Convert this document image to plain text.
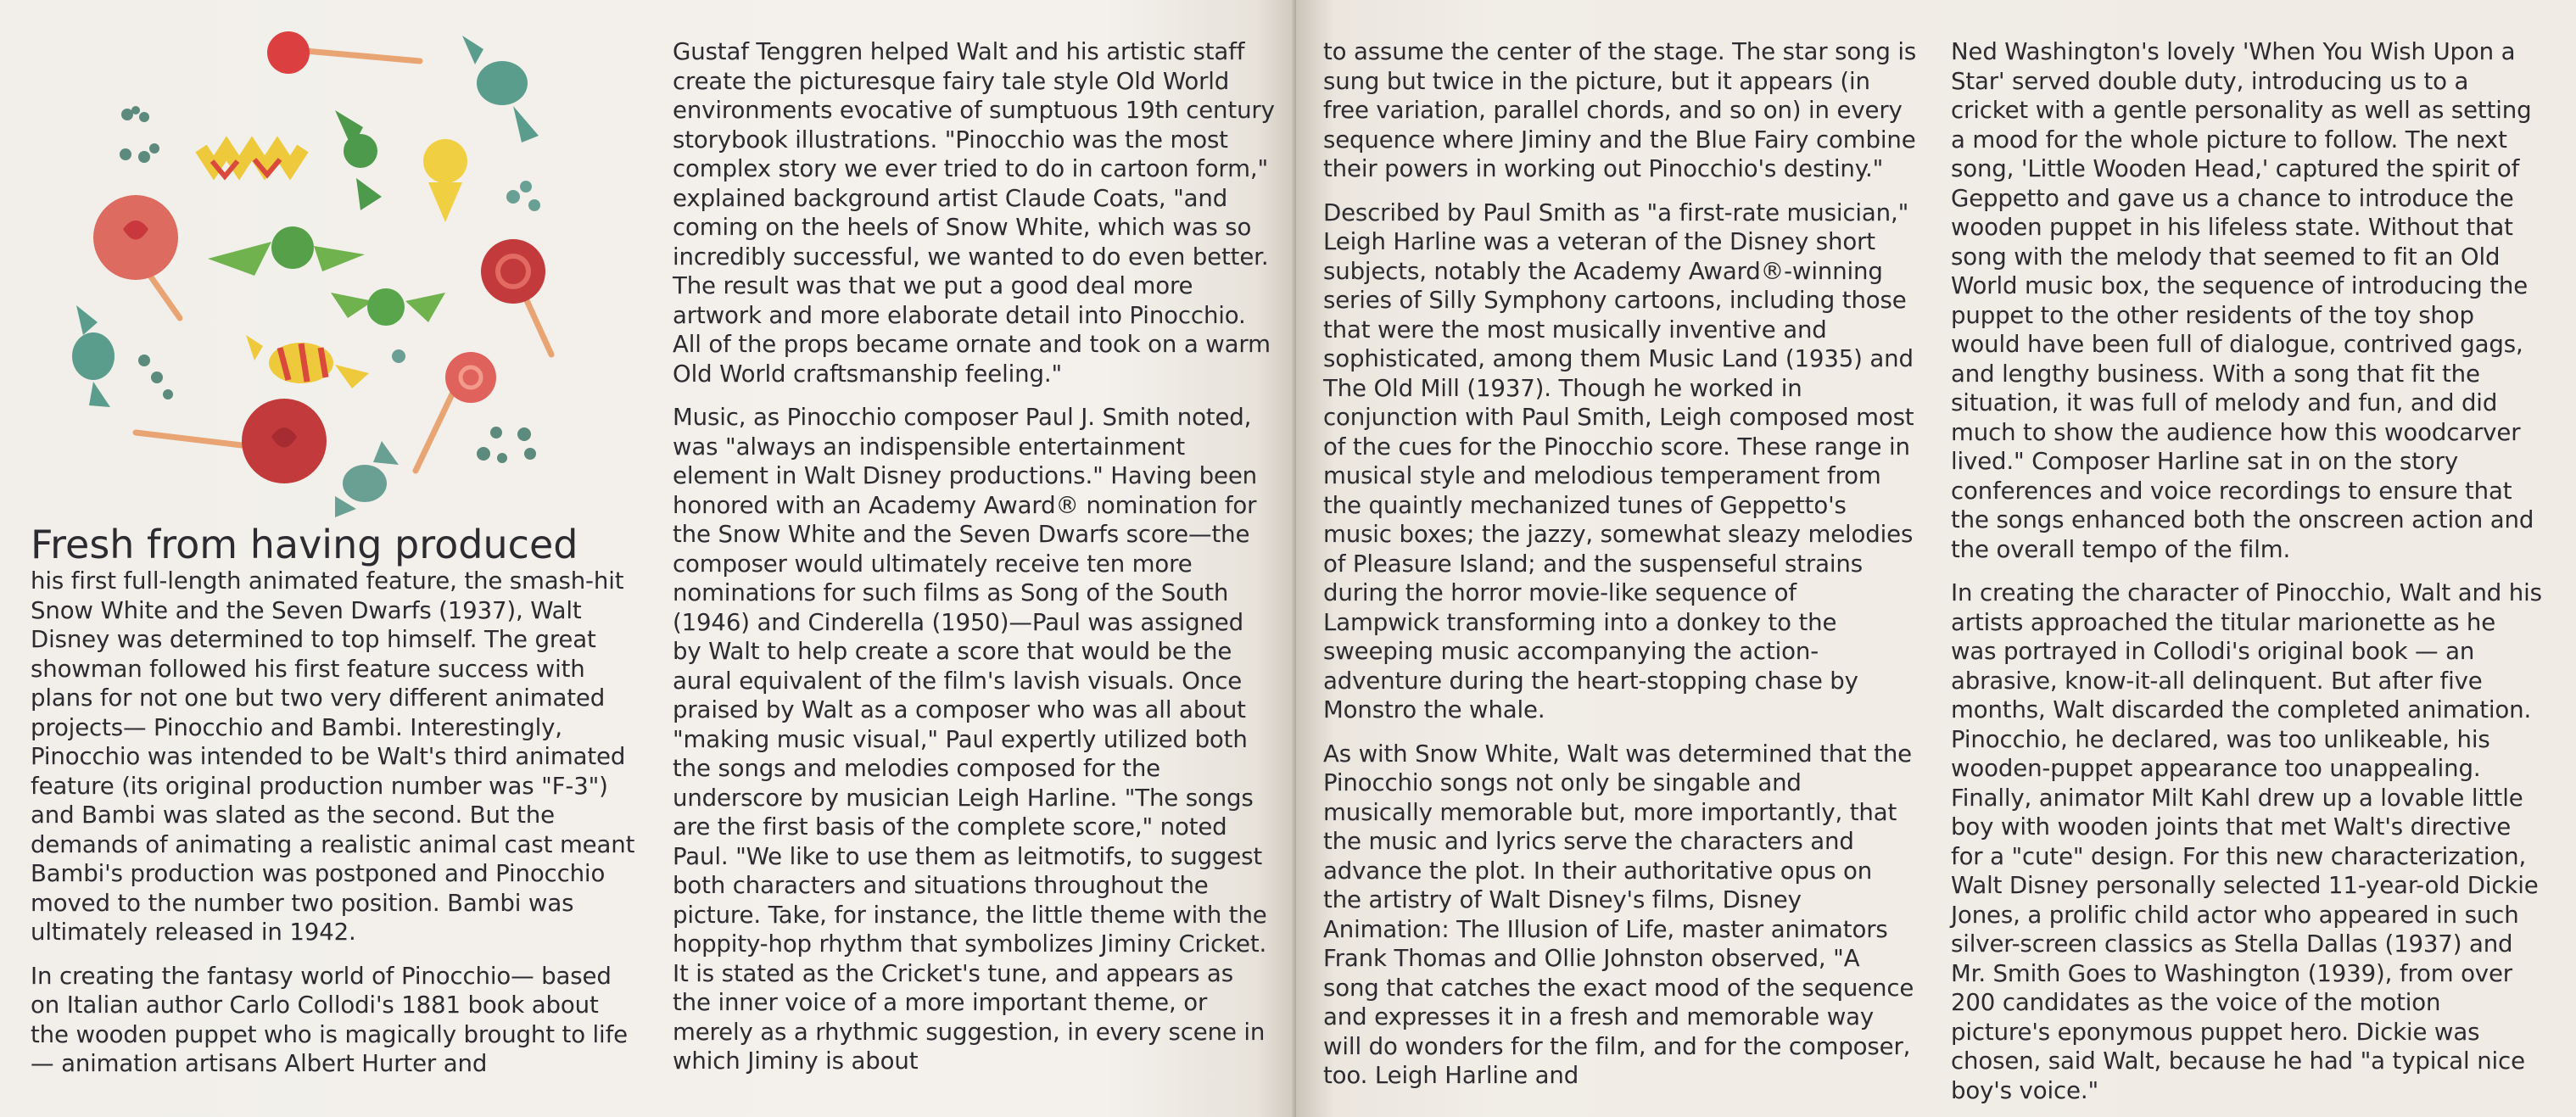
Fresh from having produced

his first full-length animated feature, the smash-hit Snow White and the Seven Dwarfs (1937), Walt Disney was determined to top himself. The great showman followed his first feature success with plans for not one but two very different animated projects— Pinocchio and Bambi. Interestingly, Pinocchio was intended to be Walt's third animated feature (its original production number was "F-3") and Bambi was slated as the second. But the demands of animating a realistic animal cast meant Bambi's production was postponed and Pinocchio moved to the number two position. Bambi was ultimately released in 1942.

In creating the fantasy world of Pinocchio— based on Italian author Carlo Collodi's 1881 book about the wooden puppet who is magically brought to life— animation artisans Albert Hurter and

Gustaf Tenggren helped Walt and his artistic staff create the picturesque fairy tale style Old World environments evocative of sumptuous 19th century storybook illustrations. "Pinocchio was the most complex story we ever tried to do in cartoon form," explained background artist Claude Coats, "and coming on the heels of Snow White, which was so incredibly successful, we wanted to do even better. The result was that we put a good deal more artwork and more elaborate detail into Pinocchio. All of the props became ornate and took on a warm Old World craftsmanship feeling."

Music, as Pinocchio composer Paul J. Smith noted, was "always an indispensible entertainment element in Walt Disney productions." Having been honored with an Academy Award® nomination for the Snow White and the Seven Dwarfs score—the composer would ultimately receive ten more nominations for such films as Song of the South (1946) and Cinderella (1950)—Paul was assigned by Walt to help create a score that would be the aural equivalent of the film's lavish visuals. Once praised by Walt as a composer who was all about "making music visual," Paul expertly utilized both the songs and melodies composed for the underscore by musician Leigh Harline. "The songs are the first basis of the complete score," noted Paul. "We like to use them as leitmotifs, to suggest both characters and situations throughout the picture. Take, for instance, the little theme with the hoppity-hop rhythm that symbolizes Jiminy Cricket. It is stated as the Cricket's tune, and appears as the inner voice of a more important theme, or merely as a rhythmic suggestion, in every scene in which Jiminy is about

to assume the center of the stage. The star song is sung but twice in the picture, but it appears (in free variation, parallel chords, and so on) in every sequence where Jiminy and the Blue Fairy combine their powers in working out Pinocchio's destiny."

Described by Paul Smith as "a first-rate musician," Leigh Harline was a veteran of the Disney short subjects, notably the Academy Award®-winning series of Silly Symphony cartoons, including those that were the most musically inventive and sophisticated, among them Music Land (1935) and The Old Mill (1937). Though he worked in conjunction with Paul Smith, Leigh composed most of the cues for the Pinocchio score. These range in musical style and melodious temperament from the quaintly mechanized tunes of Geppetto's music boxes; the jazzy, somewhat sleazy melodies of Pleasure Island; and the suspenseful strains during the horror movie-like sequence of Lampwick transforming into a donkey to the sweeping music accompanying the action-adventure during the heart-stopping chase by Monstro the whale.

As with Snow White, Walt was determined that the Pinocchio songs not only be singable and musically memorable but, more importantly, that the music and lyrics serve the characters and advance the plot. In their authoritative opus on the artistry of Walt Disney's films, Disney Animation: The Illusion of Life, master animators Frank Thomas and Ollie Johnston observed, "A song that catches the exact mood of the sequence and expresses it in a fresh and memorable way will do wonders for the film, and for the composer, too. Leigh Harline and

Ned Washington's lovely 'When You Wish Upon a Star' served double duty, introducing us to a cricket with a gentle personality as well as setting a mood for the whole picture to follow. The next song, 'Little Wooden Head,' captured the spirit of Geppetto and gave us a chance to introduce the wooden puppet in his lifeless state. Without that song with the melody that seemed to fit an Old World music box, the sequence of introducing the puppet to the other residents of the toy shop would have been full of dialogue, contrived gags, and lengthy business. With a song that fit the situation, it was full of melody and fun, and did much to show the audience how this woodcarver lived." Composer Harline sat in on the story conferences and voice recordings to ensure that the songs enhanced both the onscreen action and the overall tempo of the film.

In creating the character of Pinocchio, Walt and his artists approached the titular marionette as he was portrayed in Collodi's original book — an abrasive, know-it-all delinquent. But after five months, Walt discarded the completed animation. Pinocchio, he declared, was too unlikeable, his wooden-puppet appearance too unappealing. Finally, animator Milt Kahl drew up a lovable little boy with wooden joints that met Walt's directive for a "cute" design. For this new characterization, Walt Disney personally selected 11-year-old Dickie Jones, a prolific child actor who appeared in such silver-screen classics as Stella Dallas (1937) and Mr. Smith Goes to Washington (1939), from over 200 candidates as the voice of the motion picture's eponymous puppet hero. Dickie was chosen, said Walt, because he had "a typical nice boy's voice."
